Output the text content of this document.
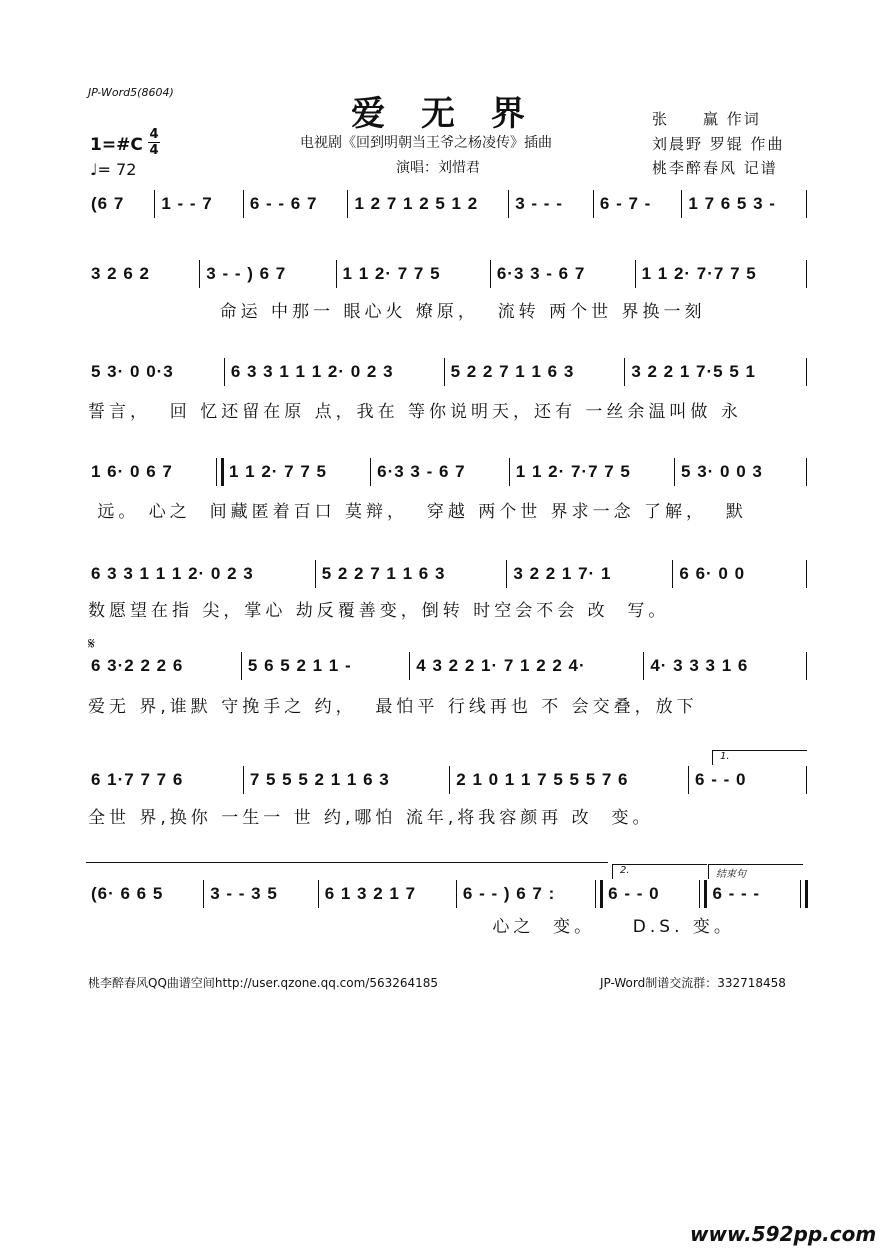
JP-Word5(8604)
爱 无 界
电视剧《回到明朝当王爷之杨凌传》插曲
演唱：刘惜君
张　　赢 作词
刘晨野 罗锟 作曲
桃李醉春风 记谱
1=#C
4
4
♩= 72
𝄋
(6 7	1 - - 7	6 - - 6 7	1 2 7 1 2 5 1 2	3 - - -	6 - 7 -	1 7 6 5 3 -
3 2 6 2	3 - - ) 6 7	1 1 2· 7 7 5	6·3 3 - 6 7	1 1 2· 7·7 7 5
命运 中那一 眼心火 燎原，  流转 两个世 界换一刻
5 3· 0 0·3	6 3 3 1 1 1 2· 0 2 3	5 2 2 7 1 1 6 3	3 2 2 1 7·5 5 1
誓言，  回 忆还留在原 点，我在 等你说明天，还有 一丝余温叫做 永
1 6· 0 6 7	1 1 2· 7 7 5	6·3 3 - 6 7	1 1 2· 7·7 7 5	5 3· 0 0 3
远。 心之  间藏匿着百口 莫辩，  穿越 两个世 界求一念 了解，  默
6 3 3 1 1 1 2· 0 2 3	5 2 2 7 1 1 6 3	3 2 2 1 7· 1	6 6· 0 0
数愿望在指 尖，掌心 劫反覆善变，倒转 时空会不会 改  写。
6 3·2 2 2 6	5 6 5 2 1 1 -	4 3 2 2 1· 7 1 2 2 4·	4· 3 3 3 1 6
爱无 界,谁默 守挽手之 约，  最怕平 行线再也 不 会交叠，放下
6 1·7 7 7 6	7 5 5 5 2 1 1 6 3	2 1 0 1 1 7 5 5 5 7 6	6 - - 0
全世 界,换你 一生一 世 约,哪怕 流年,将我容颜再 改  变。
(6· 6 6 5	3 - - 3 5	6 1 3 2 1 7	6 - - ) 6 7 :	6 - - 0	6 - - -
心之  变。    D.S. 变。
1.
2.	结束句
桃李醉春风QQ曲谱空间http://user.qzone.qq.com/563264185	JP-Word制谱交流群：332718458
www.592pp.com
